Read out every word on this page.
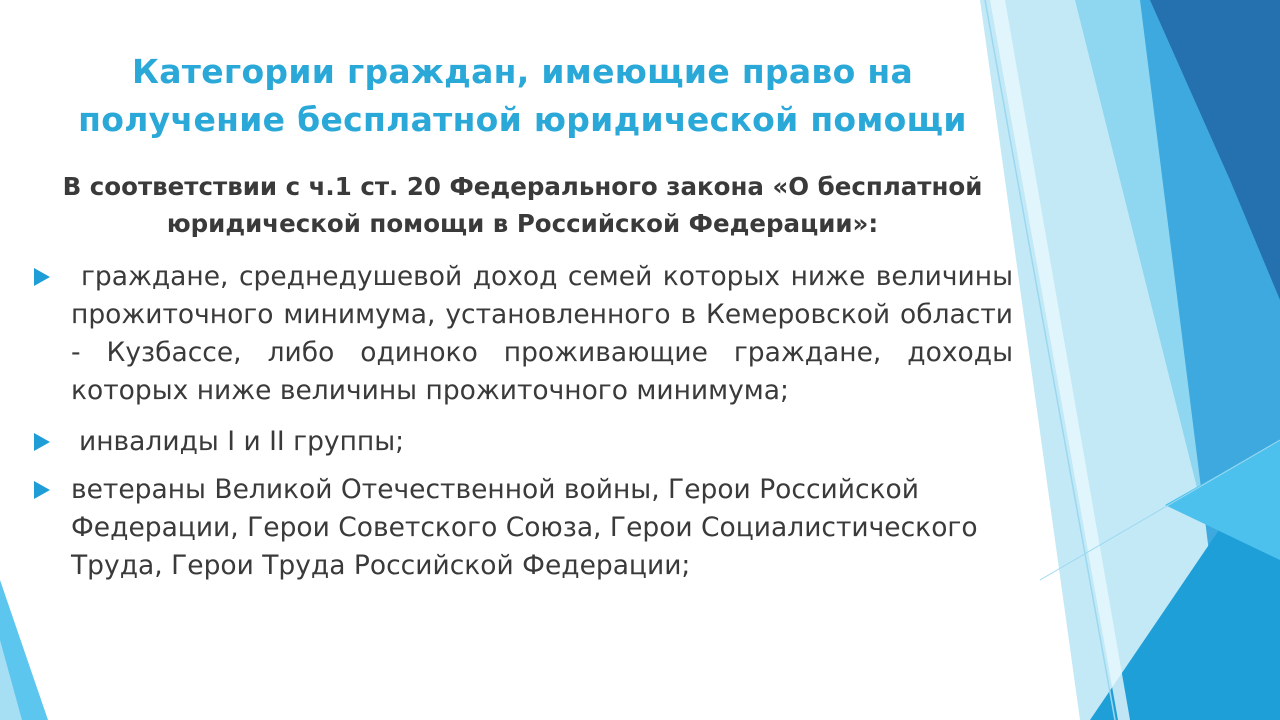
Категории граждан, имеющие право на получение бесплатной юридической помощи

В соответствии с ч.1 ст. 20 Федерального закона «О бесплатной юридической помощи в Российской Федерации»:

гражданe, среднедушевой доход семей которых ниже величины прожиточного минимума, установленного в Кемеровской области - Кузбассе, либо одиноко проживающие граждане, доходы которых ниже величины прожиточного минимума;
инвалиды I и II группы;
ветераны Великой Отечественной войны, Герои Российской Федерации, Герои Советского Союза, Герои Социалистического Труда, Герои Труда Российской Федерации;
